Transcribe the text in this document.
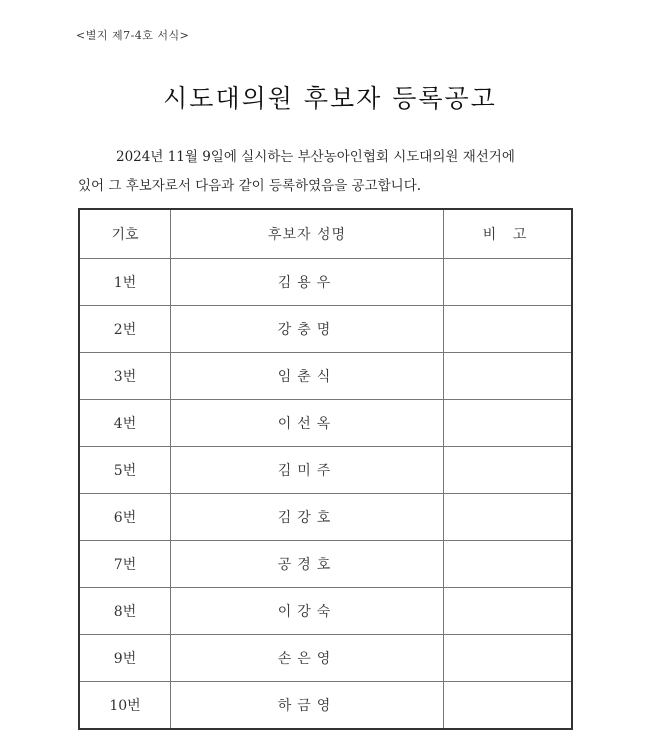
<별지 제7-4호 서식>
시도대의원 후보자 등록공고
2024년 11월 9일에 실시하는 부산농아인협회 시도대의원 재선거에
있어 그 후보자로서 다음과 같이 등록하였음을 공고합니다.
기호	후보자 성명	비 고
1번	김용우	
2번	강충명	
3번	임춘식	
4번	이선옥	
5번	김미주	
6번	김강호	
7번	공경호	
8번	이강숙	
9번	손은영	
10번	하금영	
